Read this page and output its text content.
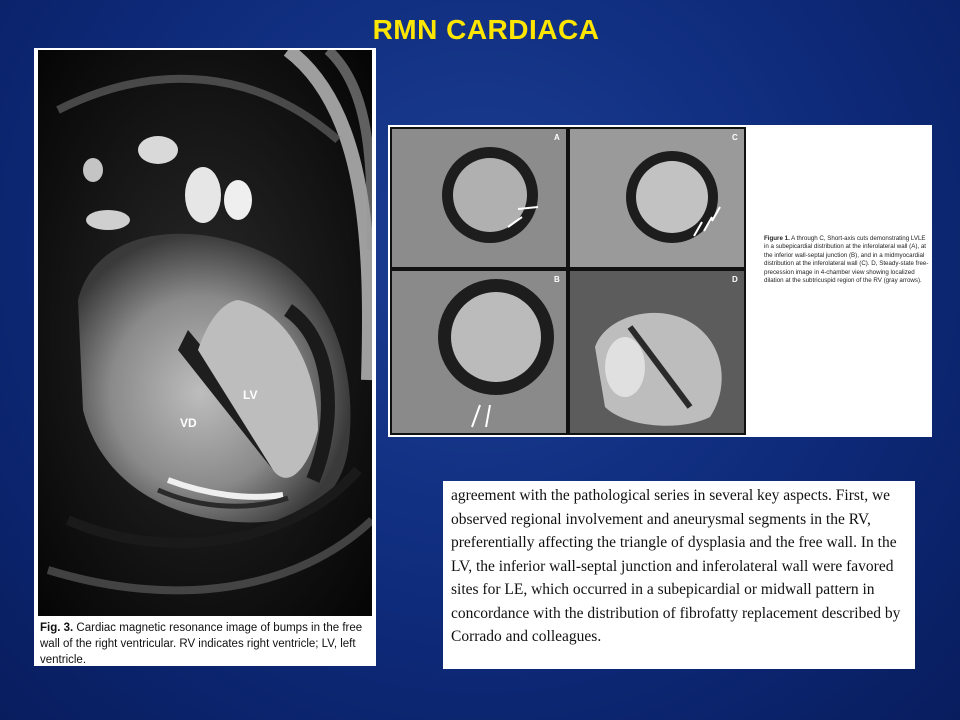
RMN CARDIACA
LV
VD
Fig. 3. Cardiac magnetic resonance image of bumps in the free wall of the right ventricular. RV indicates right ventricle; LV, left ventricle.
A	C
B	D
Figure 1. A through C, Short-axis cuts demonstrating LVLE in a subepicardial distribution at the inferolateral wall (A), at the inferior wall-septal junction (B), and in a midmyocardial distribution at the inferolateral wall (C). D, Steady-state free-precession image in 4-chamber view showing localized dilation at the subtricuspid region of the RV (gray arrows).

agreement with the pathological series in several key aspects. First, we observed regional involvement and aneurysmal segments in the RV, preferentially affecting the triangle of dysplasia and the free wall. In the LV, the inferior wall-septal junction and inferolateral wall were favored sites for LE, which occurred in a subepicardial or midwall pattern in concordance with the distribution of fibrofatty replacement described by Corrado and colleagues.
